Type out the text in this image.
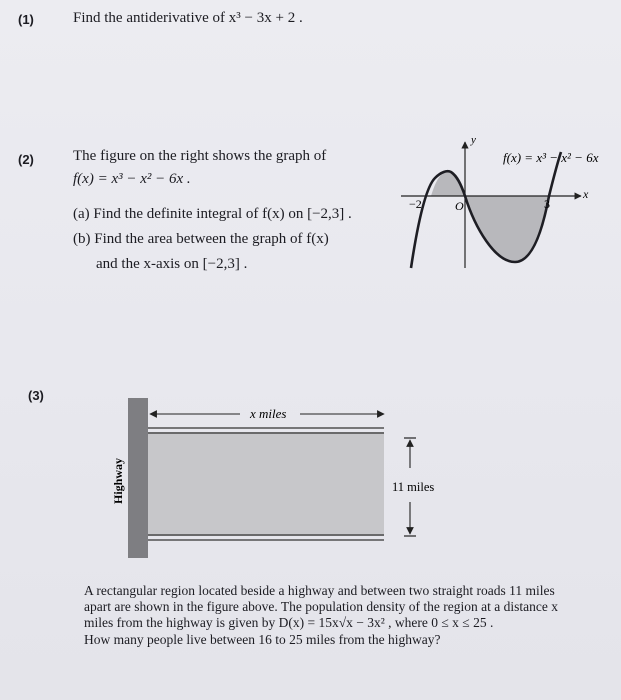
(1)	Find the antiderivative of x³ − 3x + 2 .
(2)	The figure on the right shows the graph of
f(x) = x³ − x² − 6x .
(a) Find the definite integral of f(x) on [−2,3] .
(b) Find the area between the graph of f(x)
and the x-axis on [−2,3] .
y
x
O
−2	3
f(x) = x³ − x² − 6x
(3)
Highway
x miles
11 miles
A rectangular region located beside a highway and between two straight roads 11 miles
apart are shown in the figure above. The population density of the region at a distance x
miles from the highway is given by D(x) = 15x√x − 3x² , where 0 ≤ x ≤ 25 .
How many people live between 16 to 25 miles from the highway?
